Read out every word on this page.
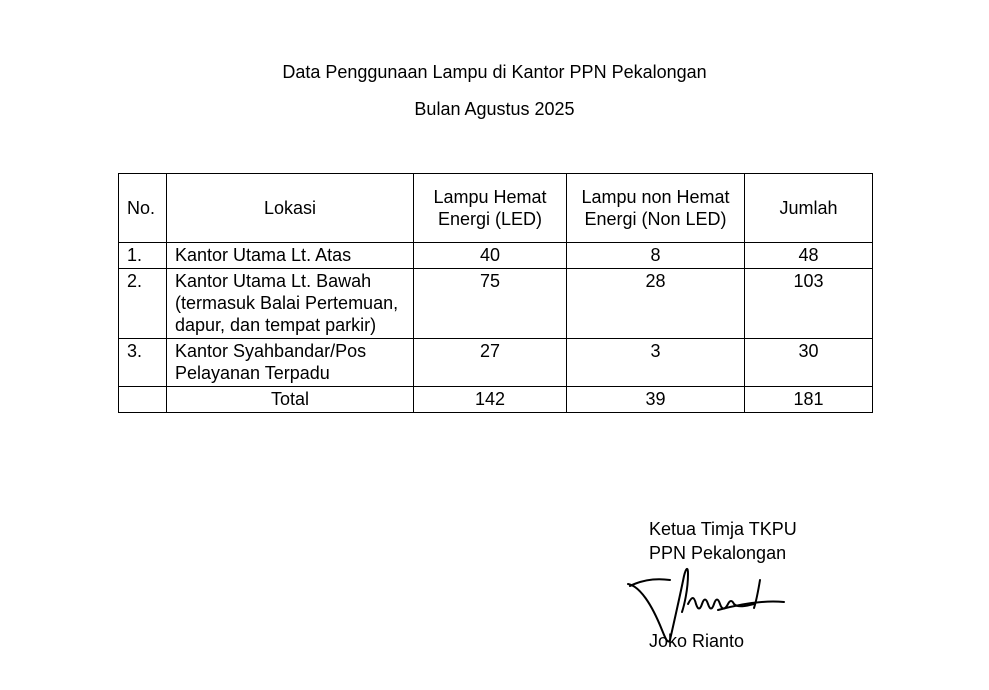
Data Penggunaan Lampu di Kantor PPN Pekalongan
Bulan Agustus 2025
No.	Lokasi	Lampu Hemat Energi (LED)	Lampu non Hemat Energi (Non LED)	Jumlah
1.	Kantor Utama Lt. Atas	40	8	48
2.	Kantor Utama Lt. Bawah (termasuk Balai Pertemuan, dapur, dan tempat parkir)	75	28	103
3.	Kantor Syahbandar/Pos Pelayanan Terpadu	27	3	30
	Total	142	39	181
Ketua Timja TKPU
PPN Pekalongan
Joko Rianto
